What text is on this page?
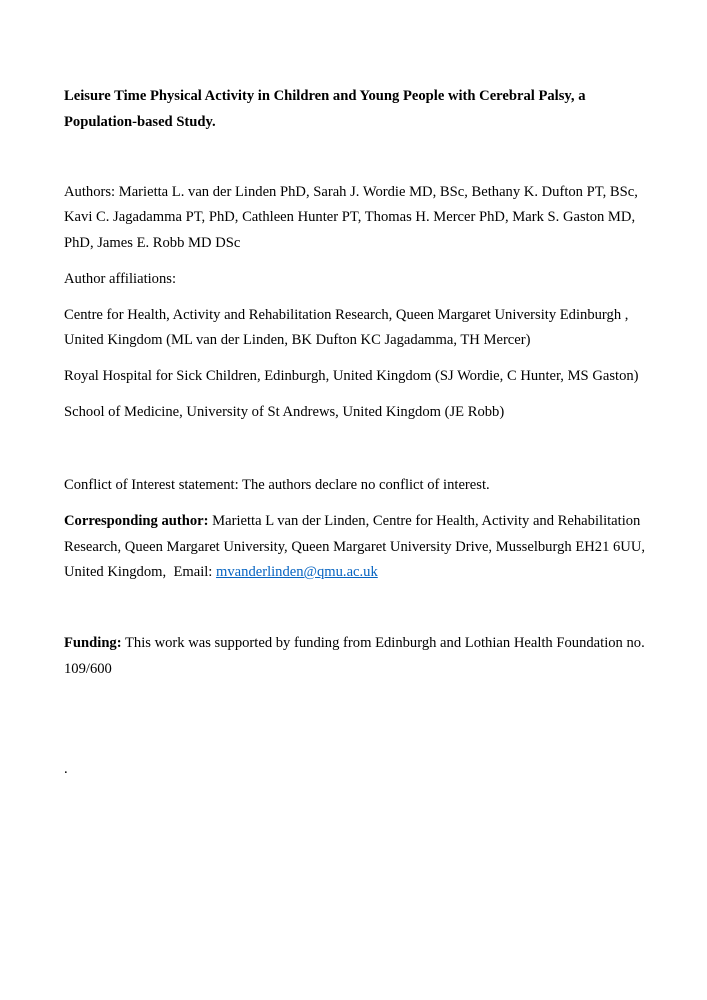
Leisure Time Physical Activity in Children and Young People with Cerebral Palsy, a
Population-based Study.
Authors: Marietta L. van der Linden PhD, Sarah J. Wordie MD, BSc, Bethany K. Dufton PT, BSc,
Kavi C. Jagadamma PT, PhD, Cathleen Hunter PT, Thomas H. Mercer PhD, Mark S. Gaston MD,
PhD, James E. Robb MD DSc
Author affiliations:
Centre for Health, Activity and Rehabilitation Research, Queen Margaret University Edinburgh ,
United Kingdom (ML van der Linden, BK Dufton KC Jagadamma, TH Mercer)
Royal Hospital for Sick Children, Edinburgh, United Kingdom (SJ Wordie, C Hunter, MS Gaston)
School of Medicine, University of St Andrews, United Kingdom (JE Robb)
Conflict of Interest statement: The authors declare no conflict of interest.
Corresponding author: Marietta L van der Linden, Centre for Health, Activity and Rehabilitation
Research, Queen Margaret University, Queen Margaret University Drive, Musselburgh EH21 6UU,
United Kingdom,  Email: mvanderlinden@qmu.ac.uk
Funding: This work was supported by funding from Edinburgh and Lothian Health Foundation no.
109/600
.
